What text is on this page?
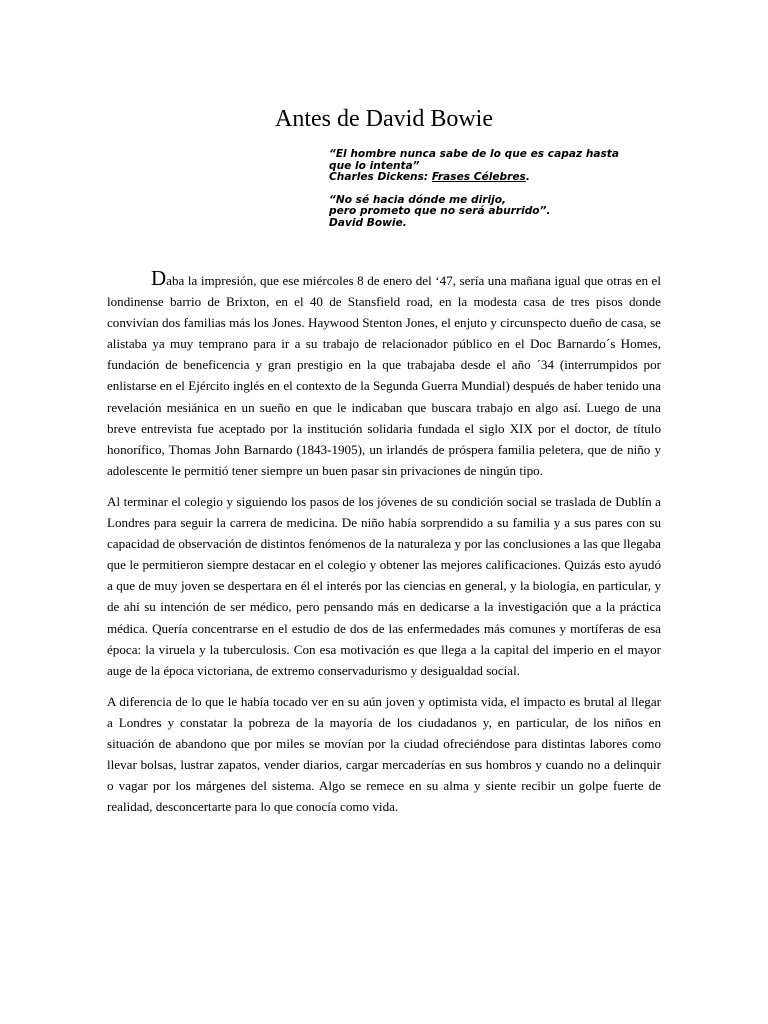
Antes de David Bowie
“El hombre nunca sabe de lo que es capaz hasta
que lo intenta”
Charles Dickens: Frases Célebres.
“No sé hacia dónde me dirijo,
pero prometo que no será aburrido”.
David Bowie.

Daba la impresión, que ese miércoles 8 de enero del ‘47, sería una mañana igual que otras en el londinense barrio de Brixton, en el 40 de Stansfield road, en la modesta casa de tres pisos donde convivían dos familias más los Jones. Haywood Stenton Jones, el enjuto y circunspecto dueño de casa, se alistaba ya muy temprano para ir a su trabajo de relacionador público en el Doc Barnardo´s Homes, fundación de beneficencia y gran prestigio en la que trabajaba desde el año ´34 (interrumpidos por enlistarse en el Ejército inglés en el contexto de la Segunda Guerra Mundial) después de haber tenido una revelación mesiánica en un sueño en que le indicaban que buscara trabajo en algo así. Luego de una breve entrevista fue aceptado por la institución solidaria fundada el siglo XIX por el doctor, de título honorífico, Thomas John Barnardo (1843-1905), un irlandés de próspera familia peletera, que de niño y adolescente le permitió tener siempre un buen pasar sin privaciones de ningún tipo.

Al terminar el colegio y siguiendo los pasos de los jóvenes de su condición social se traslada de Dublín a Londres para seguir la carrera de medicina. De niño había sorprendido a su familia y a sus pares con su capacidad de observación de distintos fenómenos de la naturaleza y por las conclusiones a las que llegaba que le permitieron siempre destacar en el colegio y obtener las mejores calificaciones. Quizás esto ayudó a que de muy joven se despertara en él el interés por las ciencias en general, y la biología, en particular, y de ahí su intención de ser médico, pero pensando más en dedicarse a la investigación que a la práctica médica. Quería concentrarse en el estudio de dos de las enfermedades más comunes y mortíferas de esa época: la viruela y la tuberculosis. Con esa motivación es que llega a la capital del imperio en el mayor auge de la época victoriana, de extremo conservadurismo y desigualdad social.

A diferencia de lo que le había tocado ver en su aún joven y optimista vida, el impacto es brutal al llegar a Londres y constatar la pobreza de la mayoría de los ciudadanos y, en particular, de los niños en situación de abandono que por miles se movían por la ciudad ofreciéndose para distintas labores como llevar bolsas, lustrar zapatos, vender diarios, cargar mercaderías en sus hombros y cuando no a delinquir o vagar por los márgenes del sistema. Algo se remece en su alma y siente recibir un golpe fuerte de realidad, desconcertarte para lo que conocía como vida.
